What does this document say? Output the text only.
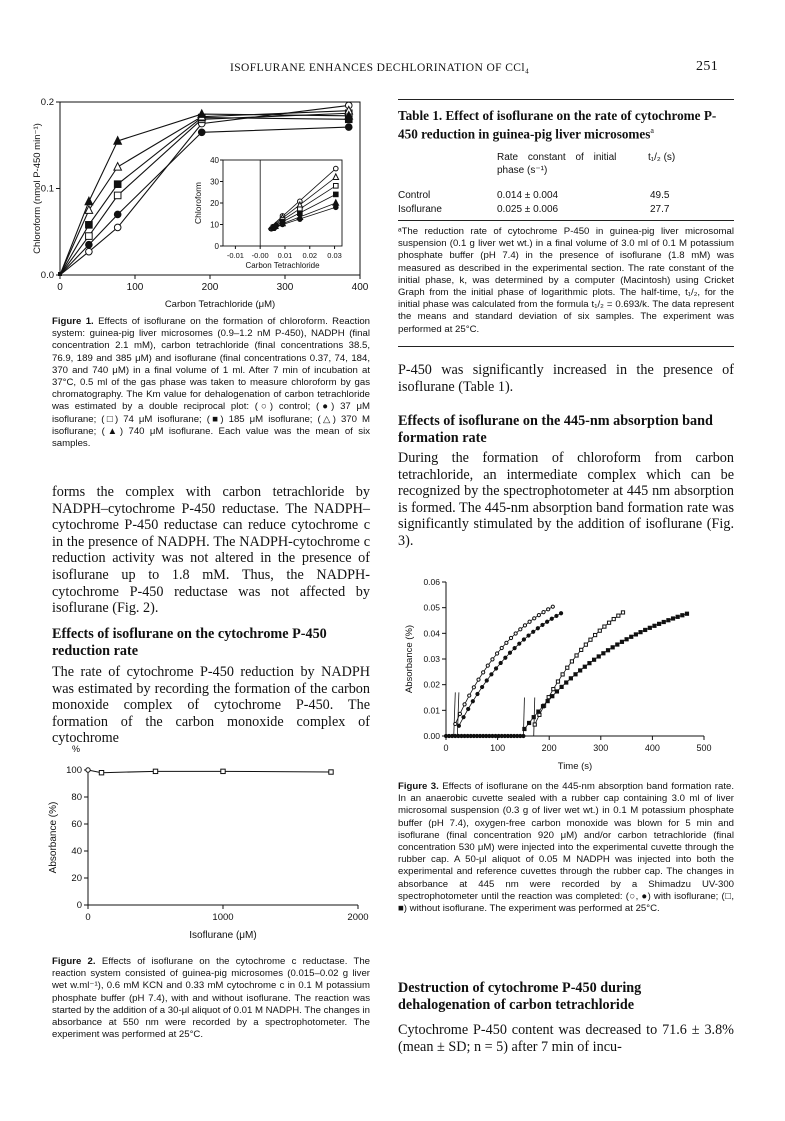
ISOFLURANE ENHANCES DECHLORINATION OF CCl₄	251
0	100	200	300	400
0.0
0.1
0.2
Carbon Tetrachloride (μM)
Chloroform (nmol P-450 min⁻¹)	0
10
20
30
40
-0.01 -0.00 0.01 0.02 0.03
Carbon Tetrachloride
Chloroform
Figure 1. Effects of isoflurane on the formation of chloroform. Reaction system: guinea-pig liver microsomes (0.9–1.2 nM P-450), NADPH (final concentration 2.1 mM), carbon tetrachloride (final concentrations 38.5, 76.9, 189 and 385 μM) and isoflurane (final concentrations 0.37, 74, 184, 370 and 740 μM) in a final volume of 1 ml. After 7 min of incubation at 37°C, 0.5 ml of the gas phase was taken to measure chloroform by gas chromatography. The Km value for dehalogenation of carbon tetrachloride was estimated by a double reciprocal plot: (○) control; (●) 37 μM isoflurane; (□) 74 μM isoflurane; (■) 185 μM isoflurane; (△) 370 M isoflurane; (▲) 740 μM isoflurane. Each value was the mean of six samples.
forms the complex with carbon tetrachloride by NADPH–cytochrome P-450 reductase. The NADPH–cytochrome P-450 reductase can reduce cytochrome c in the presence of NADPH. The NADPH-cytochrome c reduction activity was not altered in the presence of isoflurane up to 1.8 mM. Thus, the NADPH-cytochrome P-450 reductase was not affected by isoflurane (Fig. 2).
Effects of isoflurane on the cytochrome P-450 reduction rate
The rate of cytochrome P-450 reduction by NADPH was estimated by recording the formation of the carbon monoxide complex of cytochrome P-450. The formation of the carbon monoxide complex of cytochrome
%
0
20
40
60
80
100
0	1000	2000
Isoflurane (μM)
Absorbance (%)
Figure 2. Effects of isoflurane on the cytochrome c reductase. The reaction system consisted of guinea-pig microsomes (0.015–0.02 g liver wet w.ml⁻¹), 0.6 mM KCN and 0.33 mM cytochrome c in 0.1 M potassium phosphate buffer (pH 7.4), with and without isoflurane. The reaction was started by the addition of a 30-μl aliquot of 0.01 M NADPH. The changes in absorbance at 550 nm were recorded by a spectrophotometer. The experiment was performed at 25°C.
Table 1. Effect of isoflurane on the rate of cytochrome P-450 reduction in guinea-pig liver microsomes$^a$
Rate constant of initial
phase (s⁻¹)
t₁/₂ (s)
Control	0.014 ± 0.004	49.5
Isoflurane	0.025 ± 0.006	27.7
ᵃThe reduction rate of cytochrome P-450 in guinea-pig liver microsomal suspension (0.1 g liver wet wt.) in a final volume of 3.0 ml of 0.1 M potassium phosphate buffer (pH 7.4) in the presence of isoflurane (1.8 mM) was measured as described in the experimental section. The rate constant of the initial phase, k, was determined by a computer (Macintosh) using Cricket Graph from the initial phase of logarithmic plots. The half-time, t₁/₂, for the initial phase was calculated from the formula t₁/₂ = 0.693/k. The data represent the means and standard deviation of six samples. The experiment was performed at 25°C.
P-450 was significantly increased in the presence of isoflurane (Table 1).
Effects of isoflurane on the 445-nm absorption band formation rate
During the formation of chloroform from carbon tetrachloride, an intermediate complex which can be recognized by the spectrophotometer at 445 nm absorption is formed. The 445-nm absorption band formation rate was significantly stimulated by the addition of isoflurane (Fig. 3).
0.00
0.01
0.02
0.03
0.04
0.05
0.06
0	100	200	300	400	500
Time (s)
Absorbance (%)
Figure 3. Effects of isoflurane on the 445-nm absorption band formation rate. In an anaerobic cuvette sealed with a rubber cap containing 3.0 ml of liver microsomal suspension (0.3 g of liver wet wt.) in 0.1 M potassium phosphate buffer (pH 7.4), oxygen-free carbon monoxide was blown for 5 min and isoflurane (final concentration 920 μM) and/or carbon tetrachloride (final concentration 530 μM) were injected into the experimental cuvette through the rubber cap. A 50-μl aliquot of 0.05 M NADPH was injected into both the experimental and reference cuvettes through the rubber cap. The changes in absorbance at 445 nm were recorded by a Shimadzu UV-300 spectrophotometer until the reaction was completed: (○, ●) with isoflurane; (□, ■) without isoflurane. The experiment was performed at 25°C.
Destruction of cytochrome P-450 during dehalogenation of carbon tetrachloride
Cytochrome P-450 content was decreased to 71.6 ± 3.8% (mean ± SD; n = 5) after 7 min of incu-
